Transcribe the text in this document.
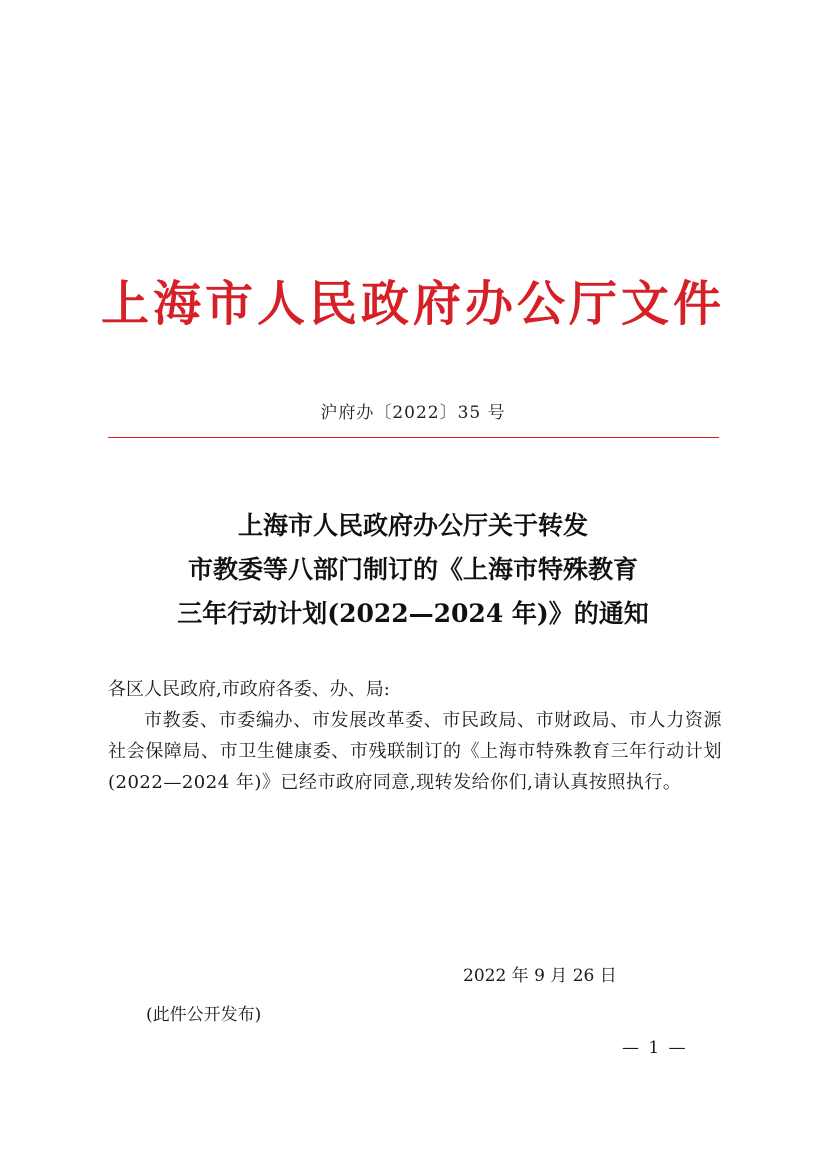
上海市人民政府办公厅文件
沪府办〔2022〕35 号
上海市人民政府办公厅关于转发
市教委等八部门制订的《上海市特殊教育
三年行动计划(2022—2024 年)》的通知
各区人民政府,市政府各委、办、局:
市教委、市委编办、市发展改革委、市民政局、市财政局、市人力资源社会保障局、市卫生健康委、市残联制订的《上海市特殊教育三年行动计划(2022—2024 年)》已经市政府同意,现转发给你们,请认真按照执行。
2022 年 9 月 26 日
(此件公开发布)
— 1 —
